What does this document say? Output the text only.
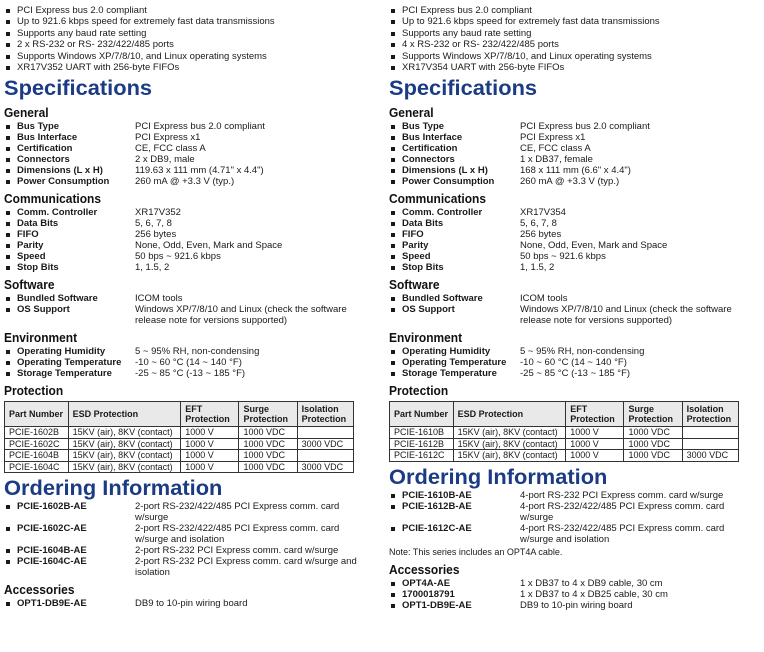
PCI Express bus 2.0 compliant
Up to 921.6 kbps speed for extremely fast data transmissions
Supports any baud rate setting
2 x RS-232 or RS- 232/422/485 ports
Supports Windows XP/7/8/10, and Linux operating systems
XR17V352 UART with 256-byte FIFOs
Specifications
General
Bus Type	PCI Express bus 2.0 compliant
Bus Interface	PCI Express x1
Certification	CE, FCC class A
Connectors	2 x DB9, male
Dimensions (L x H)	119.63 x 111 mm (4.71" x 4.4")
Power Consumption	260 mA @ +3.3 V (typ.)
Communications
Comm. Controller	XR17V352
Data Bits	5, 6, 7, 8
FIFO	256 bytes
Parity	None, Odd, Even, Mark and Space
Speed	50 bps ~ 921.6 kbps
Stop Bits	1, 1.5, 2
Software
Bundled Software	ICOM tools
OS Support	Windows XP/7/8/10 and Linux (check the software release note for versions supported)
Environment
Operating Humidity	5 ~ 95% RH, non-condensing
Operating Temperature	-10 ~ 60 °C (14 ~ 140 °F)
Storage Temperature	-25 ~ 85 °C (-13 ~ 185 °F)
Protection
Part Number	ESD Protection	EFT Protection	Surge Protection	Isolation Protection
PCIE-1602B	15KV (air), 8KV (contact)	1000 V	1000 VDC	
PCIE-1602C	15KV (air), 8KV (contact)	1000 V	1000 VDC	3000 VDC
PCIE-1604B	15KV (air), 8KV (contact)	1000 V	1000 VDC	
PCIE-1604C	15KV (air), 8KV (contact)	1000 V	1000 VDC	3000 VDC
Ordering Information
PCIE-1602B-AE	2-port RS-232/422/485 PCI Express comm. card w/surge
PCIE-1602C-AE	2-port RS-232/422/485 PCI Express comm. card w/surge and isolation
PCIE-1604B-AE	2-port RS-232 PCI Express comm. card w/surge
PCIE-1604C-AE	2-port RS-232 PCI Express comm. card w/surge and isolation
Accessories
OPT1-DB9E-AE	DB9 to 10-pin wiring board
PCI Express bus 2.0 compliant
Up to 921.6 kbps speed for extremely fast data transmissions
Supports any baud rate setting
4 x RS-232 or RS- 232/422/485 ports
Supports Windows XP/7/8/10, and Linux operating systems
XR17V354 UART with 256-byte FIFOs
Specifications
General
Bus Type	PCI Express bus 2.0 compliant
Bus Interface	PCI Express x1
Certification	CE, FCC class A
Connectors	1 x DB37, female
Dimensions (L x H)	168 x 111 mm (6.6" x 4.4")
Power Consumption	260 mA @ +3.3 V (typ.)
Communications
Comm. Controller	XR17V354
Data Bits	5, 6, 7, 8
FIFO	256 bytes
Parity	None, Odd, Even, Mark and Space
Speed	50 bps ~ 921.6 kbps
Stop Bits	1, 1.5, 2
Software
Bundled Software	ICOM tools
OS Support	Windows XP/7/8/10 and Linux (check the software release note for versions supported)
Environment
Operating Humidity	5 ~ 95% RH, non-condensing
Operating Temperature	-10 ~ 60 °C (14 ~ 140 °F)
Storage Temperature	-25 ~ 85 °C (-13 ~ 185 °F)
Protection
Part Number	ESD Protection	EFT Protection	Surge Protection	Isolation Protection
PCIE-1610B	15KV (air), 8KV (contact)	1000 V	1000 VDC	
PCIE-1612B	15KV (air), 8KV (contact)	1000 V	1000 VDC	
PCIE-1612C	15KV (air), 8KV (contact)	1000 V	1000 VDC	3000 VDC
Ordering Information
PCIE-1610B-AE	4-port RS-232 PCI Express comm. card w/surge
PCIE-1612B-AE	4-port RS-232/422/485 PCI Express comm. card w/surge
PCIE-1612C-AE	4-port RS-232/422/485 PCI Express comm. card w/surge and isolation
Note: This series includes an OPT4A cable.
Accessories
OPT4A-AE	1 x DB37 to 4 x DB9 cable, 30 cm
1700018791	1 x DB37 to 4 x DB25 cable, 30 cm
OPT1-DB9E-AE	DB9 to 10-pin wiring board
